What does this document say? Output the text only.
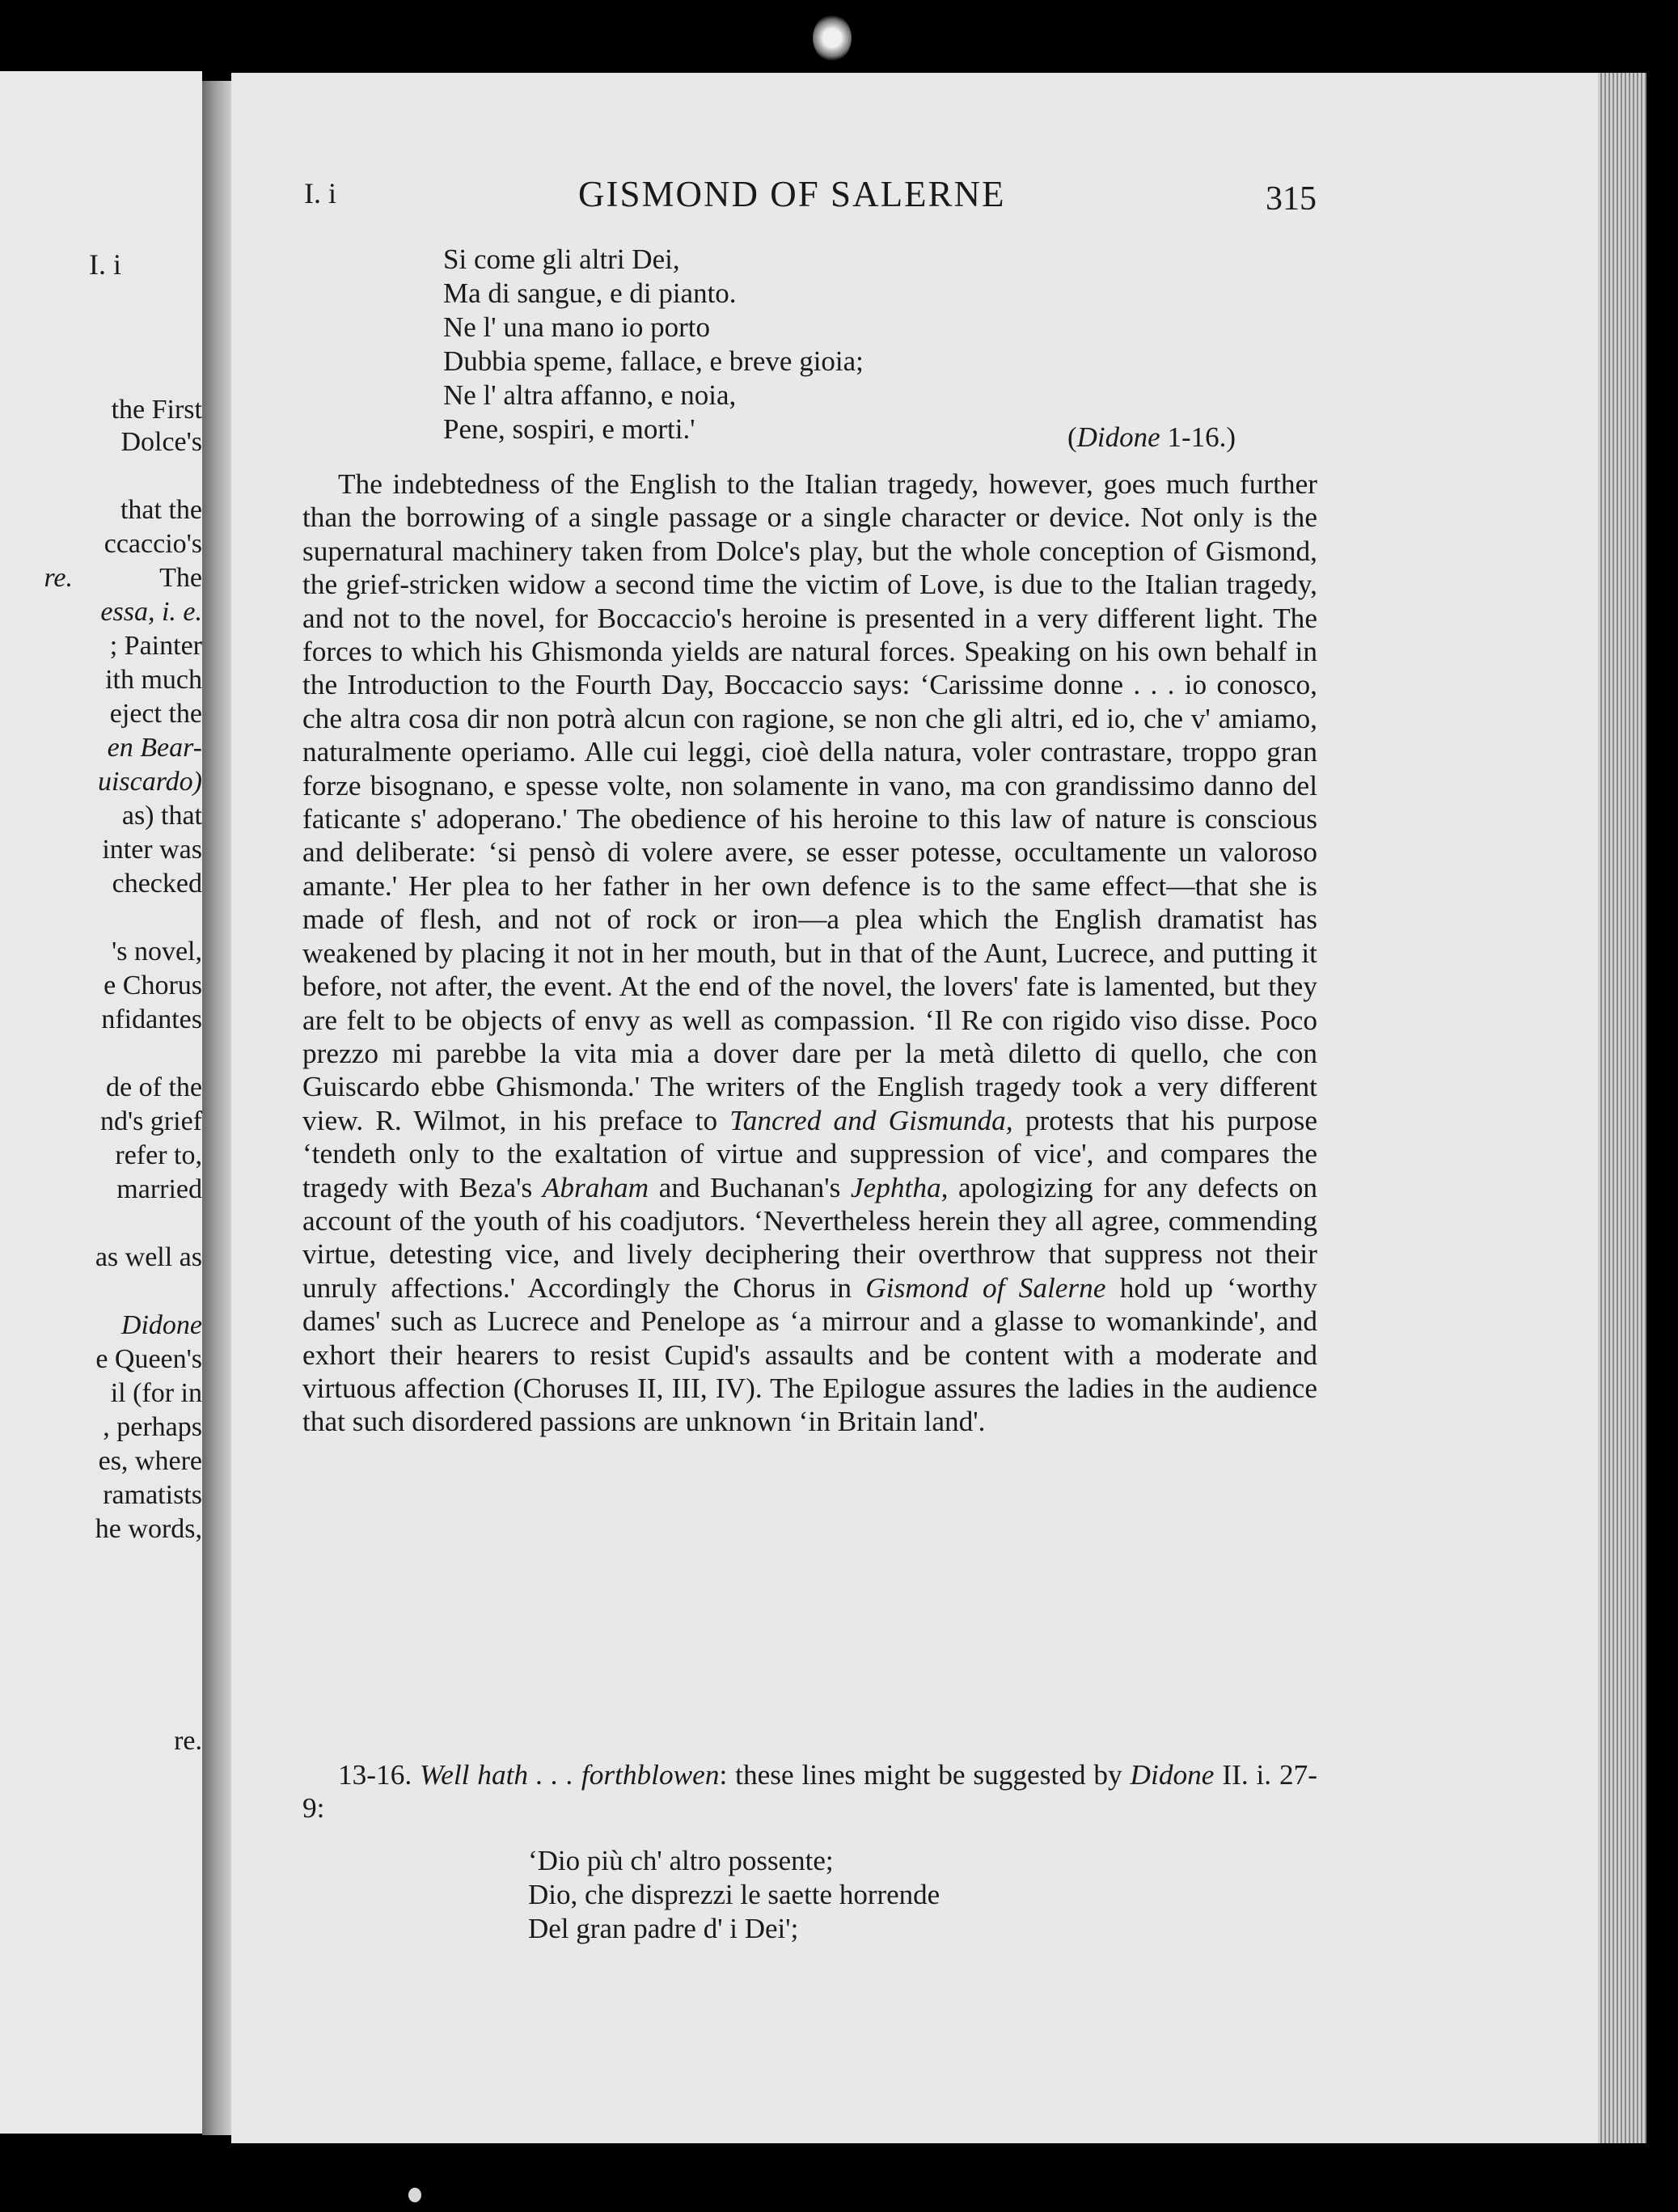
I. i

the First

Dolce's

that the

ccaccio's

re.	The

essa, i. e.

; Painter

ith much

eject the

en Bear-
uiscardo)

as) that

inter was

checked

's novel,

e Chorus

nfidantes

de of the

nd's grief

refer to,

married

as well as

Didone

e Queen's

il (for in

, perhaps

es, where

ramatists

he words,

re.

I. i	GISMOND OF SALERNE	315

Si come gli altri Dei,
Ma di sangue, e di pianto.
Ne l' una mano io porto
Dubbia speme, fallace, e breve gioia;
Ne l' altra affanno, e noia,
Pene, sospiri, e morti.'	(Didone 1-16.)

The indebtedness of the English to the Italian tragedy, however, goes much further than the borrowing of a single passage or a single character or device. Not only is the supernatural machinery taken from Dolce's play, but the whole conception of Gismond, the grief-stricken widow a second time the victim of Love, is due to the Italian tragedy, and not to the novel, for Boccaccio's heroine is presented in a very different light. The forces to which his Ghismonda yields are natural forces. Speaking on his own behalf in the Introduction to the Fourth Day, Boccaccio says: ‘Carissime donne . . . io conosco, che altra cosa dir non potrà alcun con ragione, se non che gli altri, ed io, che v' amiamo, naturalmente operiamo. Alle cui leggi, cioè della natura, voler contrastare, troppo gran forze bisognano, e spesse volte, non solamente in vano, ma con grandissimo danno del faticante s' adoperano.' The obedience of his heroine to this law of nature is conscious and deliberate: ‘si pensò di volere avere, se esser potesse, occultamente un valoroso amante.' Her plea to her father in her own defence is to the same effect—that she is made of flesh, and not of rock or iron—a plea which the English dramatist has weakened by placing it not in her mouth, but in that of the Aunt, Lucrece, and putting it before, not after, the event. At the end of the novel, the lovers' fate is lamented, but they are felt to be objects of envy as well as compassion. ‘Il Re con rigido viso disse. Poco prezzo mi parebbe la vita mia a dover dare per la metà diletto di quello, che con Guiscardo ebbe Ghismonda.' The writers of the English tragedy took a very different view. R. Wilmot, in his preface to Tancred and Gismunda, protests that his purpose ‘tendeth only to the exaltation of virtue and suppression of vice', and compares the tragedy with Beza's Abraham and Buchanan's Jephtha, apologizing for any defects on account of the youth of his coadjutors. ‘Nevertheless herein they all agree, commending virtue, detesting vice, and lively deciphering their overthrow that suppress not their unruly affections.' Accordingly the Chorus in Gismond of Salerne hold up ‘worthy dames' such as Lucrece and Penelope as ‘a mirrour and a glasse to womankinde', and exhort their hearers to resist Cupid's assaults and be content with a moderate and virtuous affection (Choruses II, III, IV). The Epilogue assures the ladies in the audience that such disordered passions are unknown ‘in Britain land'.

13-16. Well hath . . . forthblowen: these lines might be suggested by Didone II. i. 27-9:

‘Dio più ch' altro possente;
Dio, che disprezzi le saette horrende
Del gran padre d' i Dei';
